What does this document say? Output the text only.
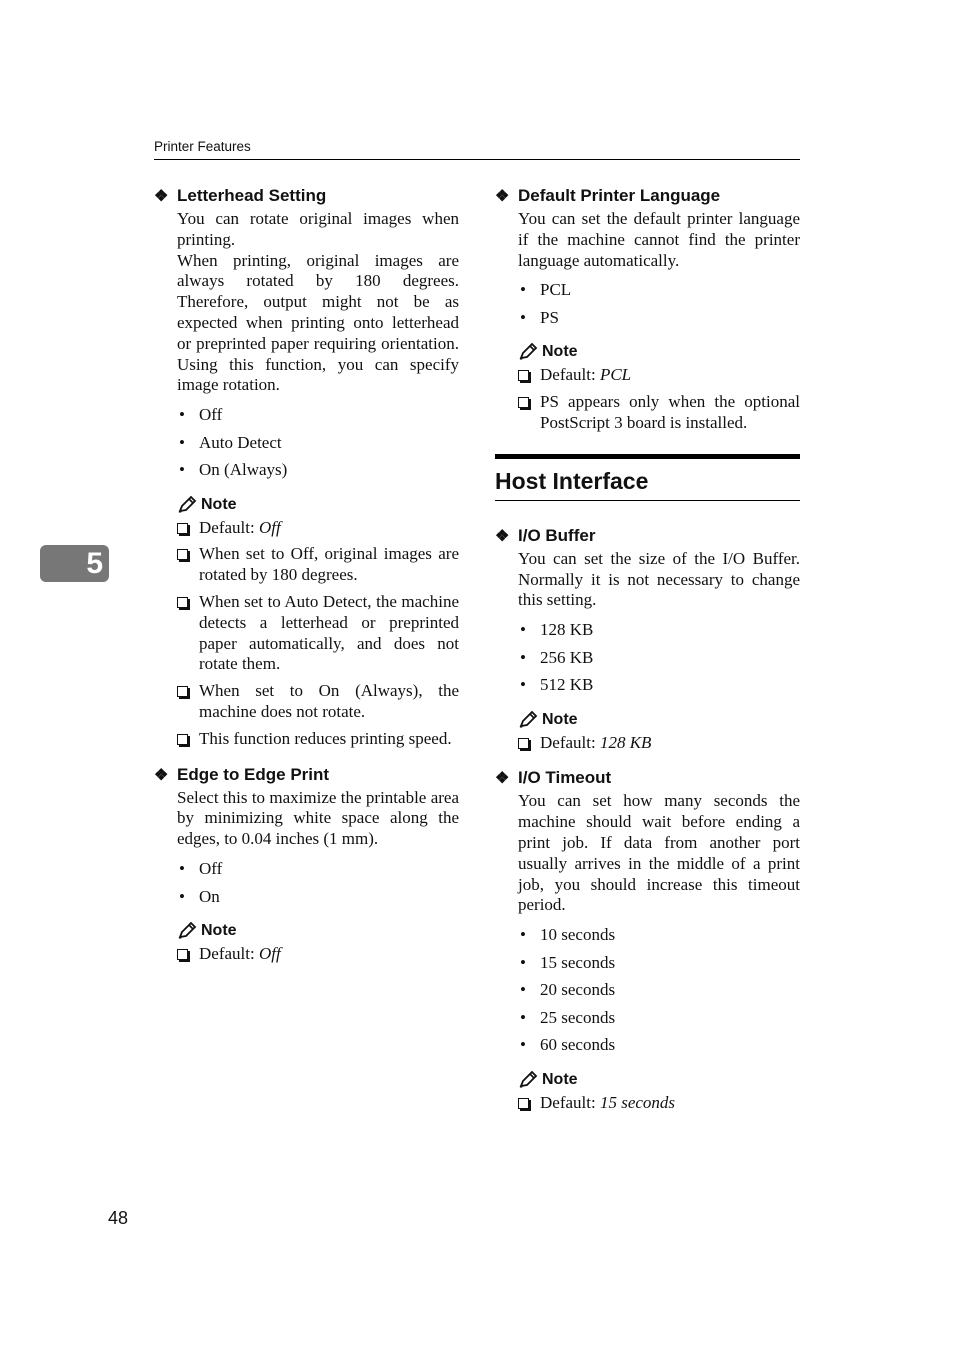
Printer Features
5
❖ Letterhead Setting

You can rotate original images when printing.

When printing, original images are always rotated by 180 degrees. Therefore, output might not be as expected when printing onto letterhead or preprinted paper requiring orientation. Using this function, you can specify image rotation.

• Off
• Auto Detect
• On (Always)
Note
Default: Off
When set to Off, original images are rotated by 180 degrees.
When set to Auto Detect, the machine detects a letterhead or preprinted paper automatically, and does not rotate them.
When set to On (Always), the machine does not rotate.
This function reduces printing speed.
❖ Edge to Edge Print

Select this to maximize the printable area by minimizing white space along the edges, to 0.04 inches (1 mm).

• Off
• On
Note
Default: Off
❖ Default Printer Language

You can set the default printer language if the machine cannot find the printer language automatically.

• PCL
• PS
Note
Default: PCL
PS appears only when the optional PostScript 3 board is installed.
Host Interface
❖ I/O Buffer

You can set the size of the I/O Buffer. Normally it is not necessary to change this setting.

• 128 KB
• 256 KB
• 512 KB
Note
Default: 128 KB
❖ I/O Timeout

You can set how many seconds the machine should wait before ending a print job. If data from another port usually arrives in the middle of a print job, you should increase this timeout period.

• 10 seconds
• 15 seconds
• 20 seconds
• 25 seconds
• 60 seconds
Note
Default: 15 seconds
48
